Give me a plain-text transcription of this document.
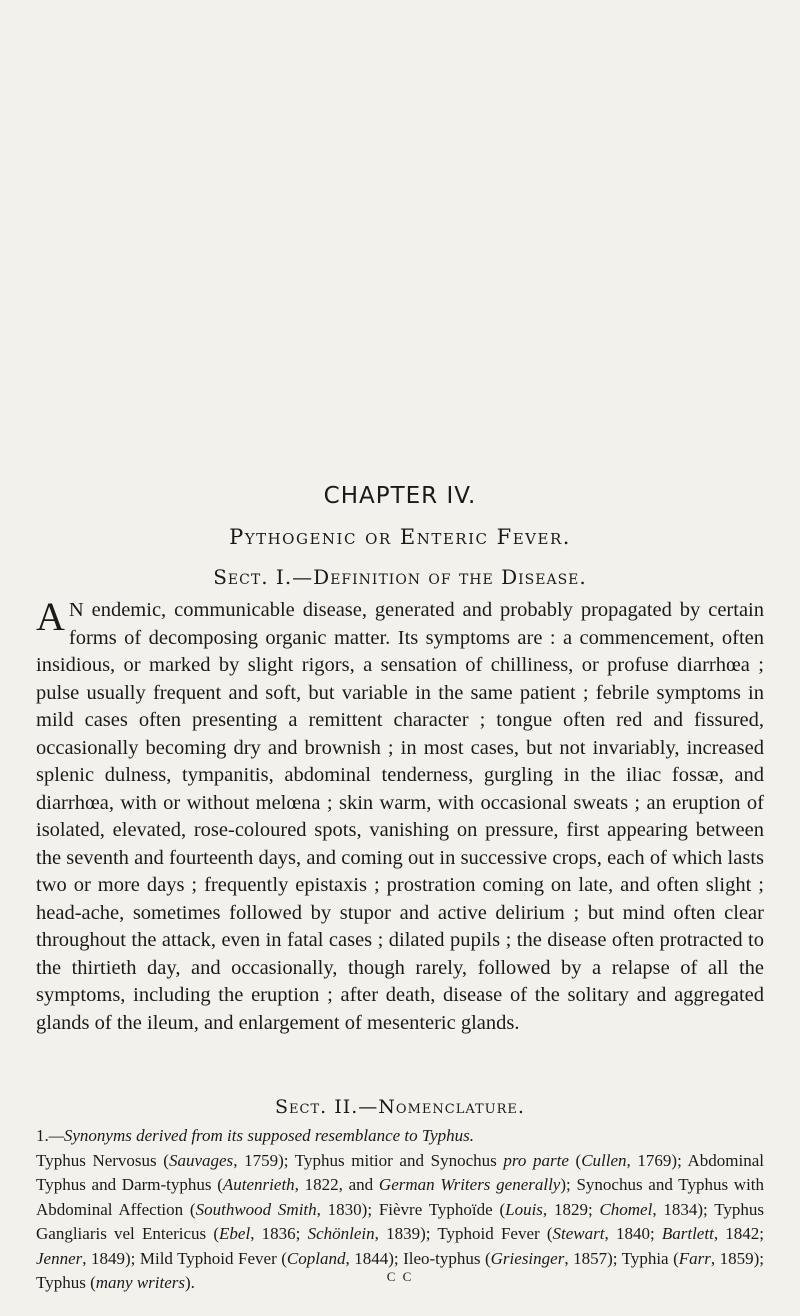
CHAPTER IV.
Pythogenic or Enteric Fever.
Sect. I.—Definition of the Disease.

A N endemic, communicable disease, generated and probably propagated by certain forms of decomposing organic matter. Its symptoms are : a commencement, often insidious, or marked by slight rigors, a sensation of chilliness, or profuse diarrhœa ; pulse usually frequent and soft, but variable in the same patient ; febrile symptoms in mild cases often presenting a remittent character ; tongue often red and fissured, occasionally becoming dry and brownish ; in most cases, but not invariably, increased splenic dulness, tympanitis, abdominal tenderness, gurgling in the iliac fossæ, and diarrhœa, with or without melœna ; skin warm, with occasional sweats ; an eruption of isolated, elevated, rose-coloured spots, vanishing on pressure, first appearing between the seventh and fourteenth days, and coming out in successive crops, each of which lasts two or more days ; frequently epistaxis ; prostration coming on late, and often slight ; head-ache, sometimes followed by stupor and active delirium ; but mind often clear throughout the attack, even in fatal cases ; dilated pupils ; the disease often protracted to the thirtieth day, and occasionally, though rarely, followed by a relapse of all the symptoms, including the eruption ; after death, disease of the solitary and aggregated glands of the ileum, and enlargement of mesenteric glands.

Sect. II.—Nomenclature.

1.—Synonyms derived from its supposed resemblance to Typhus.

Typhus Nervosus (Sauvages, 1759); Typhus mitior and Synochus pro parte (Cullen, 1769); Abdominal Typhus and Darm-typhus (Autenrieth, 1822, and German Writers generally); Synochus and Typhus with Abdominal Affection (Southwood Smith, 1830); Fièvre Typhoïde (Louis, 1829; Chomel, 1834); Typhus Gangliaris vel Entericus (Ebel, 1836; Schönlein, 1839); Typhoid Fever (Stewart, 1840; Bartlett, 1842; Jenner, 1849); Mild Typhoid Fever (Copland, 1844); Ileo-typhus (Griesinger, 1857); Typhia (Farr, 1859); Typhus (many writers).	C C
